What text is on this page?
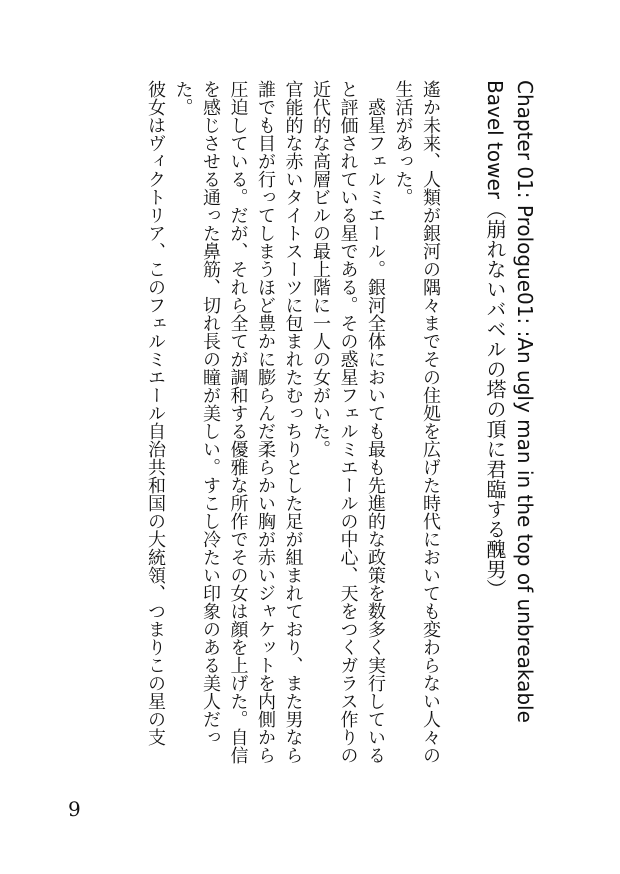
Chapter 01: Prologue01: :An ugly man in the top of unbreakable Bavel tower（崩れないバベルの塔の頂に君臨する醜男）

遙か未来、人類が銀河の隅々までその住処を広げた時代においても変わらない人々の生活があった。

惑星フェルミエール。銀河全体においても最も先進的な政策を数多く実行していると評価されている星である。その惑星フェルミエールの中心、天をつくガラス作りの近代的な高層ビルの最上階に一人の女がいた。

官能的な赤いタイトスーツに包まれたむっちりとした足が組まれており、また男なら誰でも目が行ってしまうほど豊かに膨らんだ柔らかい胸が赤いジャケットを内側から圧迫している。だが、それら全てが調和する優雅な所作でその女は顔を上げた。自信を感じさせる通った鼻筋、切れ長の瞳が美しい。すこし冷たい印象のある美人だった。

彼女はヴィクトリア、このフェルミエール自治共和国の大統領、つまりこの星の支

9
